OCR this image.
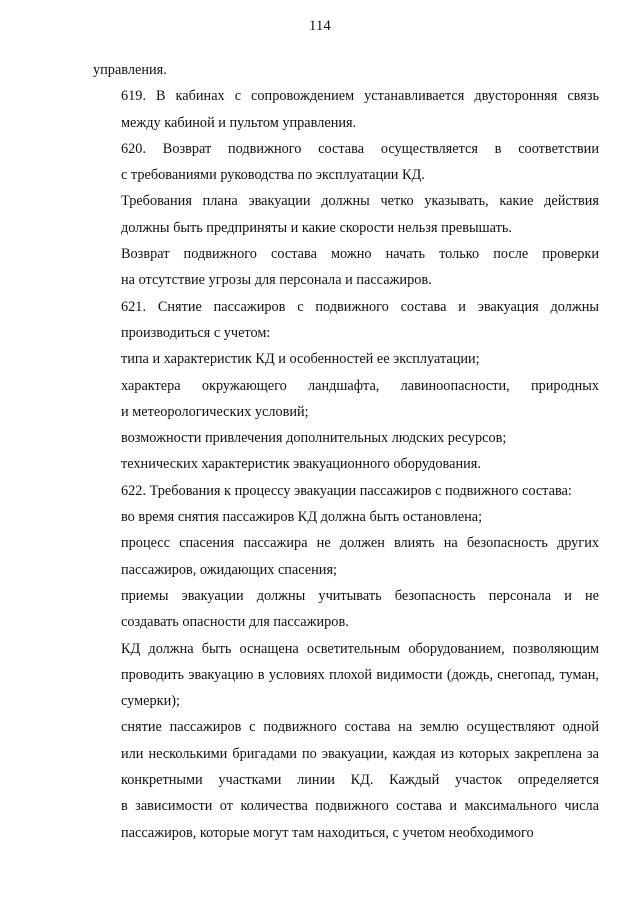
114

управления.

619. В кабинах с сопровождением устанавливается двусторонняя связь
между кабиной и пультом управления.

620. Возврат подвижного состава осуществляется в соответствии
с требованиями руководства по эксплуатации КД.

Требования плана эвакуации должны четко указывать, какие действия
должны быть предприняты и какие скорости нельзя превышать.

Возврат подвижного состава можно начать только после проверки
на отсутствие угрозы для персонала и пассажиров.

621. Снятие пассажиров с подвижного состава и эвакуация должны
производиться с учетом:

типа и характеристик КД и особенностей ее эксплуатации;

характера окружающего ландшафта, лавиноопасности, природных
и метеорологических условий;

возможности привлечения дополнительных людских ресурсов;

технических характеристик эвакуационного оборудования.

622. Требования к процессу эвакуации пассажиров с подвижного состава:

во время снятия пассажиров КД должна быть остановлена;

процесс спасения пассажира не должен влиять на безопасность других
пассажиров, ожидающих спасения;

приемы эвакуации должны учитывать безопасность персонала и не
создавать опасности для пассажиров.

КД должна быть оснащена осветительным оборудованием, позволяющим
проводить эвакуацию в условиях плохой видимости (дождь, снегопад, туман,
сумерки);

снятие пассажиров с подвижного состава на землю осуществляют одной
или несколькими бригадами по эвакуации, каждая из которых закреплена за
конкретными участками линии КД. Каждый участок определяется
в зависимости от количества подвижного состава и максимального числа
пассажиров, которые могут там находиться, с учетом необходимого
